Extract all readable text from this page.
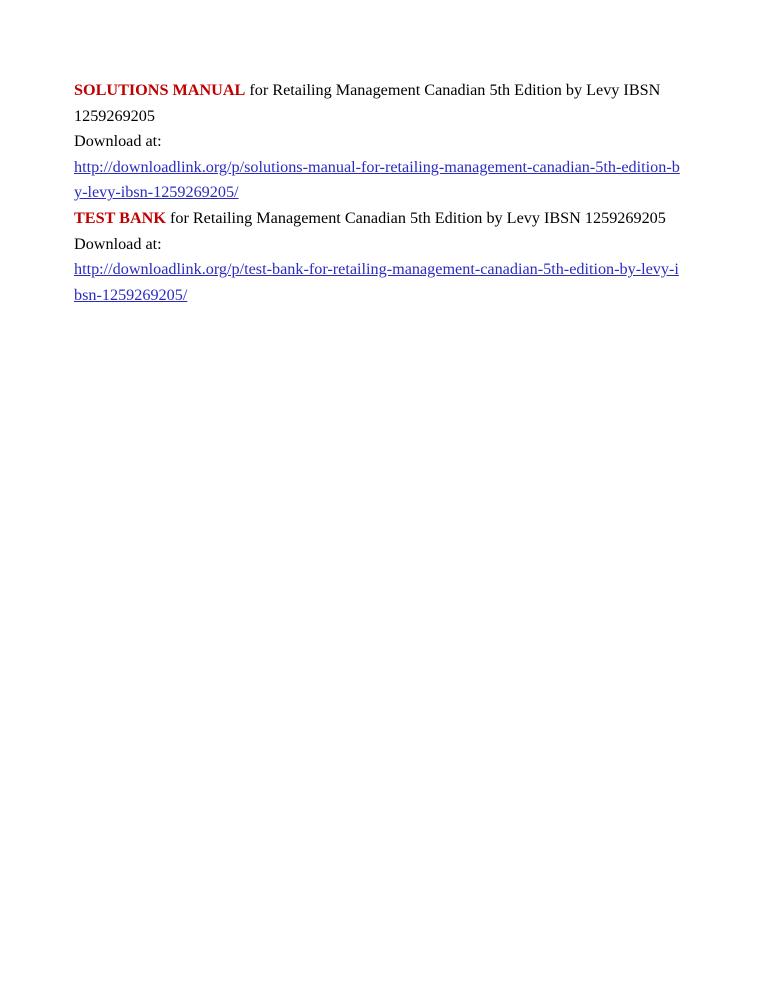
SOLUTIONS MANUAL for Retailing Management Canadian 5th Edition by Levy IBSN 1259269205

Download at:

http://downloadlink.org/p/solutions-manual-for-retailing-management-canadian-5th-edition-by-levy-ibsn-1259269205/

TEST BANK for Retailing Management Canadian 5th Edition by Levy IBSN 1259269205

Download at:

http://downloadlink.org/p/test-bank-for-retailing-management-canadian-5th-edition-by-levy-ibsn-1259269205/
